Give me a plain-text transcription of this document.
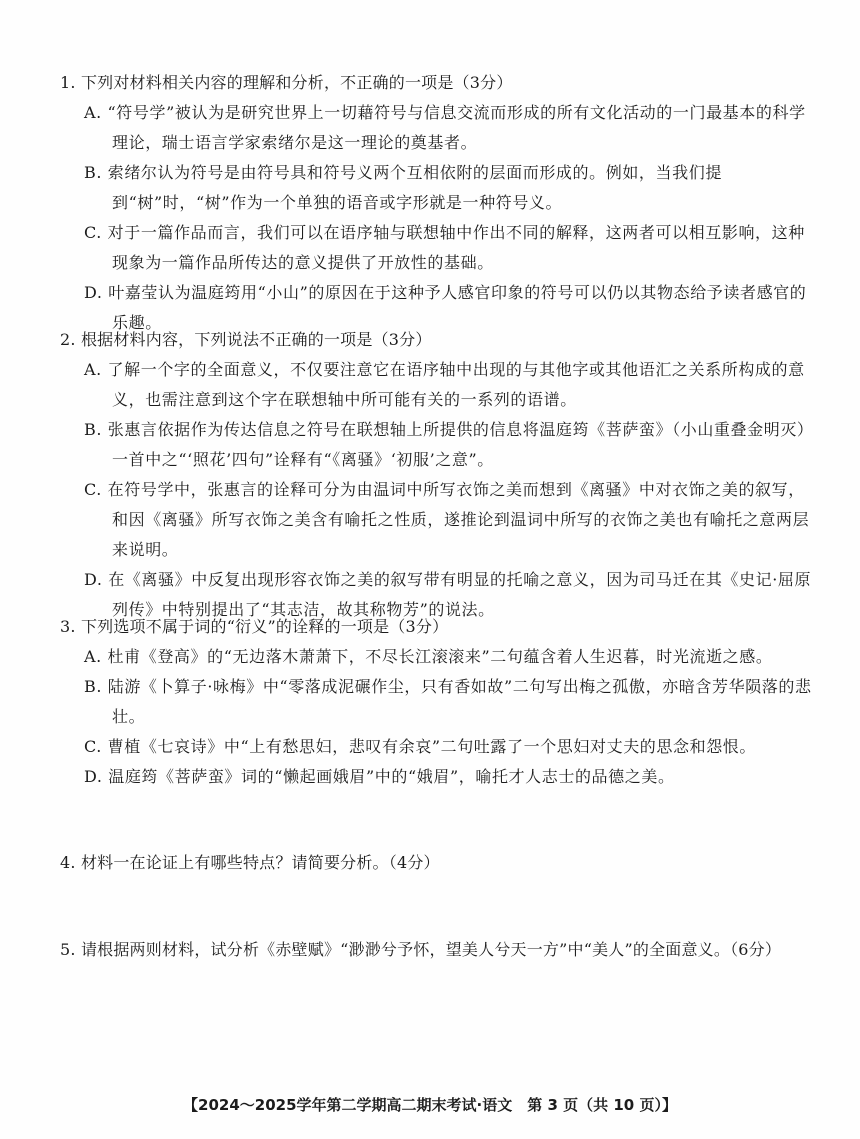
1. 下列对材料相关内容的理解和分析，不正确的一项是（3分）
A. “符号学”被认为是研究世界上一切藉符号与信息交流而形成的所有文化活动的一门最基本的科学理论，瑞士语言学家索绪尔是这一理论的奠基者。
B. 索绪尔认为符号是由符号具和符号义两个互相依附的层面而形成的。例如，当我们提到“树”时，“树”作为一个单独的语音或字形就是一种符号义。
C. 对于一篇作品而言，我们可以在语序轴与联想轴中作出不同的解释，这两者可以相互影响，这种现象为一篇作品所传达的意义提供了开放性的基础。
D. 叶嘉莹认为温庭筠用“小山”的原因在于这种予人感官印象的符号可以仍以其物态给予读者感官的乐趣。
2. 根据材料内容，下列说法不正确的一项是（3分）
A. 了解一个字的全面意义，不仅要注意它在语序轴中出现的与其他字或其他语汇之关系所构成的意义，也需注意到这个字在联想轴中所可能有关的一系列的语谱。
B. 张惠言依据作为传达信息之符号在联想轴上所提供的信息将温庭筠《菩萨蛮》（小山重叠金明灭）一首中之“‘照花’四句”诠释有“《离骚》‘初服’之意”。
C. 在符号学中，张惠言的诠释可分为由温词中所写衣饰之美而想到《离骚》中对衣饰之美的叙写，和因《离骚》所写衣饰之美含有喻托之性质，遂推论到温词中所写的衣饰之美也有喻托之意两层来说明。
D. 在《离骚》中反复出现形容衣饰之美的叙写带有明显的托喻之意义，因为司马迁在其《史记·屈原列传》中特别提出了“其志洁，故其称物芳”的说法。
3. 下列选项不属于词的“衍义”的诠释的一项是（3分）
A. 杜甫《登高》的“无边落木萧萧下，不尽长江滚滚来”二句蕴含着人生迟暮，时光流逝之感。
B. 陆游《卜算子·咏梅》中“零落成泥碾作尘，只有香如故”二句写出梅之孤傲，亦暗含芳华陨落的悲壮。
C. 曹植《七哀诗》中“上有愁思妇，悲叹有余哀”二句吐露了一个思妇对丈夫的思念和怨恨。
D. 温庭筠《菩萨蛮》词的“懒起画娥眉”中的“娥眉”，喻托才人志士的品德之美。
4. 材料一在论证上有哪些特点？请简要分析。（4分）
5. 请根据两则材料，试分析《赤壁赋》“渺渺兮予怀，望美人兮天一方”中“美人”的全面意义。（6分）
【2024～2025学年第二学期高二期末考试·语文　第 3 页（共 10 页）】
